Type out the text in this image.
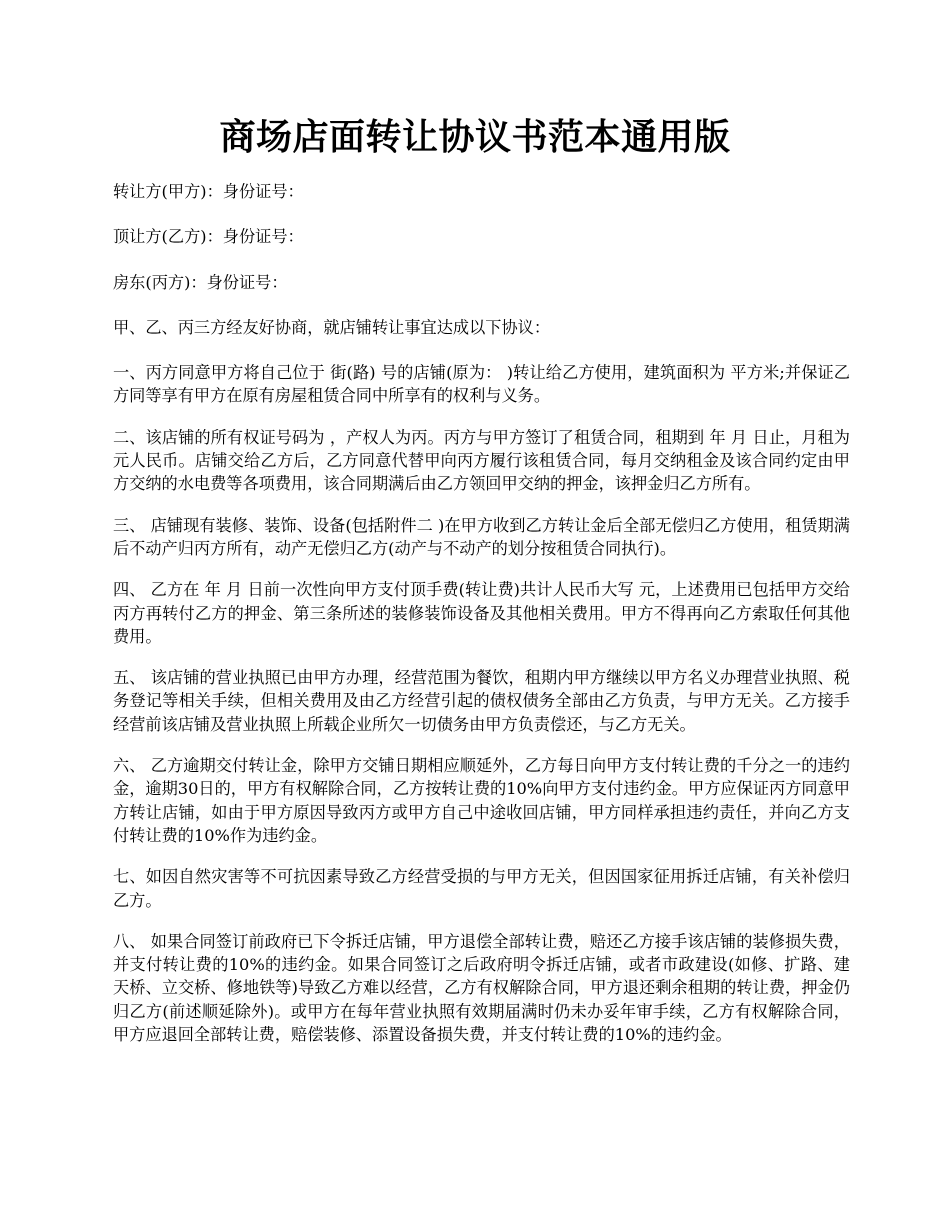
商场店面转让协议书范本通用版

转让方(甲方)：身份证号：

顶让方(乙方)：身份证号：

房东(丙方)：身份证号：

甲、乙、丙三方经友好协商，就店铺转让事宜达成以下协议：

一、丙方同意甲方将自己位于 街(路) 号的店铺(原为： )转让给乙方使用，建筑面积为 平方米;并保证乙方同等享有甲方在原有房屋租赁合同中所享有的权利与义务。

二、该店铺的所有权证号码为 ，产权人为丙。丙方与甲方签订了租赁合同，租期到 年 月 日止，月租为 元人民币。店铺交给乙方后，乙方同意代替甲向丙方履行该租赁合同，每月交纳租金及该合同约定由甲方交纳的水电费等各项费用，该合同期满后由乙方领回甲交纳的押金，该押金归乙方所有。

三、 店铺现有装修、装饰、设备(包括附件二 )在甲方收到乙方转让金后全部无偿归乙方使用，租赁期满后不动产归丙方所有，动产无偿归乙方(动产与不动产的划分按租赁合同执行)。

四、 乙方在 年 月 日前一次性向甲方支付顶手费(转让费)共计人民币大写 元，上述费用已包括甲方交给丙方再转付乙方的押金、第三条所述的装修装饰设备及其他相关费用。甲方不得再向乙方索取任何其他费用。

五、 该店铺的营业执照已由甲方办理，经营范围为餐饮，租期内甲方继续以甲方名义办理营业执照、税务登记等相关手续，但相关费用及由乙方经营引起的债权债务全部由乙方负责，与甲方无关。乙方接手经营前该店铺及营业执照上所载企业所欠一切债务由甲方负责偿还，与乙方无关。

六、 乙方逾期交付转让金，除甲方交铺日期相应顺延外，乙方每日向甲方支付转让费的千分之一的违约金，逾期30日的，甲方有权解除合同，乙方按转让费的10%向甲方支付违约金。甲方应保证丙方同意甲方转让店铺，如由于甲方原因导致丙方或甲方自己中途收回店铺，甲方同样承担违约责任，并向乙方支付转让费的10%作为违约金。

七、如因自然灾害等不可抗因素导致乙方经营受损的与甲方无关，但因国家征用拆迁店铺，有关补偿归乙方。

八、 如果合同签订前政府已下令拆迁店铺，甲方退偿全部转让费，赔还乙方接手该店铺的装修损失费，并支付转让费的10%的违约金。如果合同签订之后政府明令拆迁店铺，或者市政建设(如修、扩路、建天桥、立交桥、修地铁等)导致乙方难以经营，乙方有权解除合同，甲方退还剩余租期的转让费，押金仍归乙方(前述顺延除外)。或甲方在每年营业执照有效期届满时仍未办妥年审手续，乙方有权解除合同，甲方应退回全部转让费，赔偿装修、添置设备损失费，并支付转让费的10%的违约金。
